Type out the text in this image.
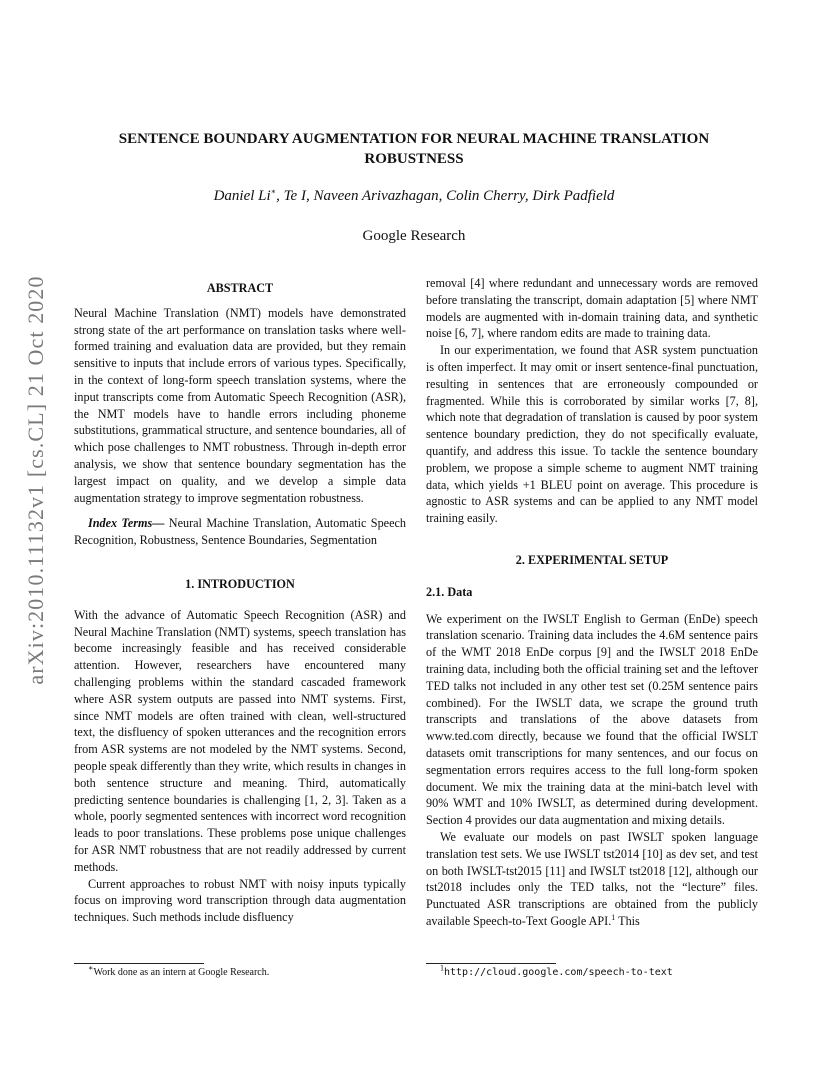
arXiv:2010.11132v1 [cs.CL] 21 Oct 2020
SENTENCE BOUNDARY AUGMENTATION FOR NEURAL MACHINE TRANSLATION
ROBUSTNESS
Daniel Li∗, Te I, Naveen Arivazhagan, Colin Cherry, Dirk Padfield
Google Research
ABSTRACT

Neural Machine Translation (NMT) models have demonstrated strong state of the art performance on translation tasks where well-formed training and evaluation data are provided, but they remain sensitive to inputs that include errors of various types. Specifically, in the context of long-form speech translation systems, where the input transcripts come from Automatic Speech Recognition (ASR), the NMT models have to handle errors including phoneme substitutions, grammatical structure, and sentence boundaries, all of which pose challenges to NMT robustness. Through in-depth error analysis, we show that sentence boundary segmentation has the largest impact on quality, and we develop a simple data augmentation strategy to improve segmentation robustness.

Index Terms— Neural Machine Translation, Automatic Speech Recognition, Robustness, Sentence Boundaries, Segmentation

1. INTRODUCTION

With the advance of Automatic Speech Recognition (ASR) and Neural Machine Translation (NMT) systems, speech translation has become increasingly feasible and has received considerable attention. However, researchers have encountered many challenging problems within the standard cascaded framework where ASR system outputs are passed into NMT systems. First, since NMT models are often trained with clean, well-structured text, the disfluency of spoken utterances and the recognition errors from ASR systems are not modeled by the NMT systems. Second, people speak differently than they write, which results in changes in both sentence structure and meaning. Third, automatically predicting sentence boundaries is challenging [1, 2, 3]. Taken as a whole, poorly segmented sentences with incorrect word recognition leads to poor translations. These problems pose unique challenges for ASR NMT robustness that are not readily addressed by current methods.

Current approaches to robust NMT with noisy inputs typically focus on improving word transcription through data augmentation techniques. Such methods include disfluency

removal [4] where redundant and unnecessary words are removed before translating the transcript, domain adaptation [5] where NMT models are augmented with in-domain training data, and synthetic noise [6, 7], where random edits are made to training data.

In our experimentation, we found that ASR system punctuation is often imperfect. It may omit or insert sentence-final punctuation, resulting in sentences that are erroneously compounded or fragmented. While this is corroborated by similar works [7, 8], which note that degradation of translation is caused by poor system sentence boundary prediction, they do not specifically evaluate, quantify, and address this issue. To tackle the sentence boundary problem, we propose a simple scheme to augment NMT training data, which yields +1 BLEU point on average. This procedure is agnostic to ASR systems and can be applied to any NMT model training easily.

2. EXPERIMENTAL SETUP
2.1. Data

We experiment on the IWSLT English to German (EnDe) speech translation scenario. Training data includes the 4.6M sentence pairs of the WMT 2018 EnDe corpus [9] and the IWSLT 2018 EnDe training data, including both the official training set and the leftover TED talks not included in any other test set (0.25M sentence pairs combined). For the IWSLT data, we scrape the ground truth transcripts and translations of the above datasets from www.ted.com directly, because we found that the official IWSLT datasets omit transcriptions for many sentences, and our focus on segmentation errors requires access to the full long-form spoken document. We mix the training data at the mini-batch level with 90% WMT and 10% IWSLT, as determined during development. Section 4 provides our data augmentation and mixing details.

We evaluate our models on past IWSLT spoken language translation test sets. We use IWSLT tst2014 [10] as dev set, and test on both IWSLT-tst2015 [11] and IWSLT tst2018 [12], although our tst2018 includes only the TED talks, not the “lecture” files. Punctuated ASR transcriptions are obtained from the publicly available Speech-to-Text Google API.$^1$ This

∗Work done as an intern at Google Research.	$^1$http://cloud.google.com/speech-to-text
